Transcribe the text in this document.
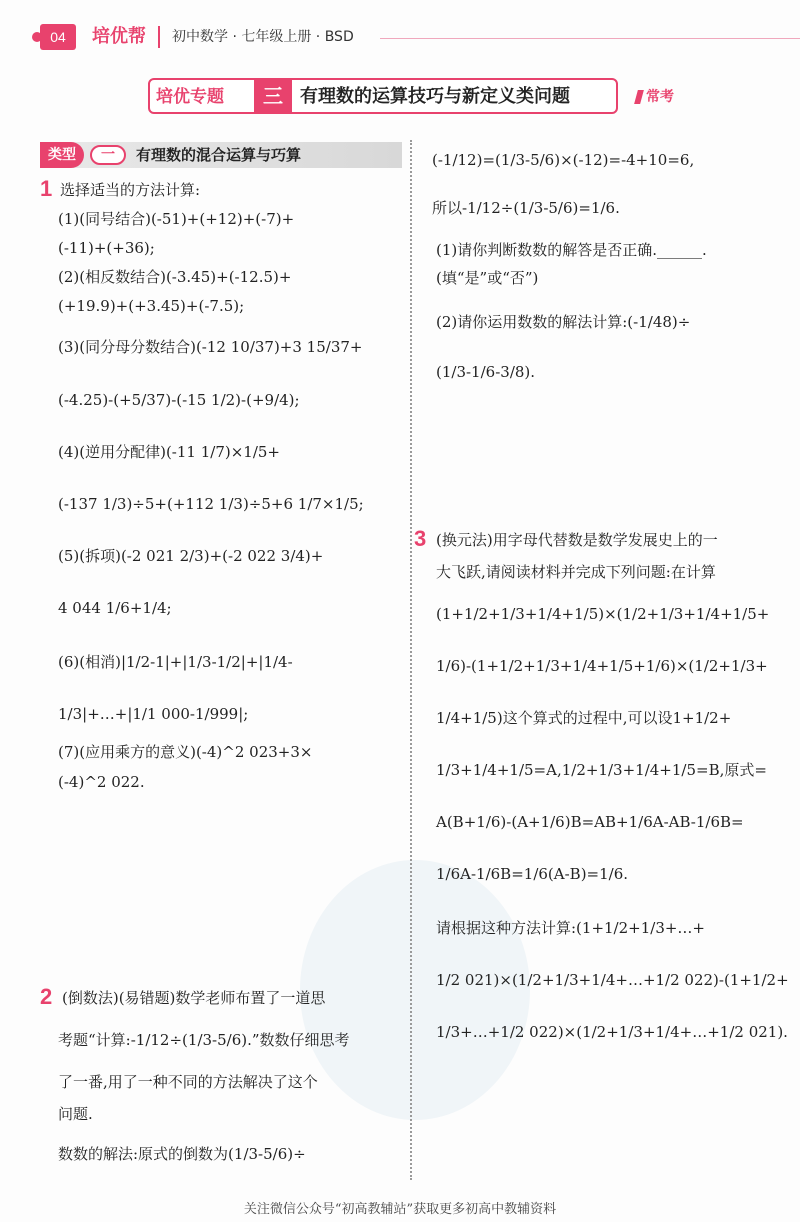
04	培优帮 初中数学 · 七年级上册 · BSD
培优专题	三 有理数的运算技巧与新定义类问题	常考
类型	一	有理数的混合运算与巧算
1 选择适当的方法计算:
(1)(同号结合)(-51)+(+12)+(-7)+
(-11)+(+36);
(2)(相反数结合)(-3.45)+(-12.5)+
(+19.9)+(+3.45)+(-7.5);
(3)(同分母分数结合)(-12 10/37)+3 15/37+
(-4.25)-(+5/37)-(-15 1/2)-(+9/4);
(4)(逆用分配律)(-11 1/7)×1/5+
(-137 1/3)÷5+(+112 1/3)÷5+6 1/7×1/5;
(5)(拆项)(-2 021 2/3)+(-2 022 3/4)+
4 044 1/6+1/4;
(6)(相消)|1/2-1|+|1/3-1/2|+|1/4-
1/3|+…+|1/1 000-1/999|;
(7)(应用乘方的意义)(-4)^2 023+3×
(-4)^2 022.
2 (倒数法)(易错题)数学老师布置了一道思
考题“计算:-1/12÷(1/3-5/6).”数数仔细思考
了一番,用了一种不同的方法解决了这个
问题.
数数的解法:原式的倒数为(1/3-5/6)÷
(-1/12)=(1/3-5/6)×(-12)=-4+10=6,
所以-1/12÷(1/3-5/6)=1/6.
(1)请你判断数数的解答是否正确.______.
(填“是”或“否”)
(2)请你运用数数的解法计算:(-1/48)÷
(1/3-1/6-3/8).
3 (换元法)用字母代替数是数学发展史上的一
大飞跃,请阅读材料并完成下列问题:在计算
(1+1/2+1/3+1/4+1/5)×(1/2+1/3+1/4+1/5+
1/6)-(1+1/2+1/3+1/4+1/5+1/6)×(1/2+1/3+
1/4+1/5)这个算式的过程中,可以设1+1/2+
1/3+1/4+1/5=A,1/2+1/3+1/4+1/5=B,原式=
A(B+1/6)-(A+1/6)B=AB+1/6A-AB-1/6B=
1/6A-1/6B=1/6(A-B)=1/6.
请根据这种方法计算:(1+1/2+1/3+…+
1/2 021)×(1/2+1/3+1/4+…+1/2 022)-(1+1/2+
1/3+…+1/2 022)×(1/2+1/3+1/4+…+1/2 021).
关注微信公众号“初高教辅站”获取更多初高中教辅资料
